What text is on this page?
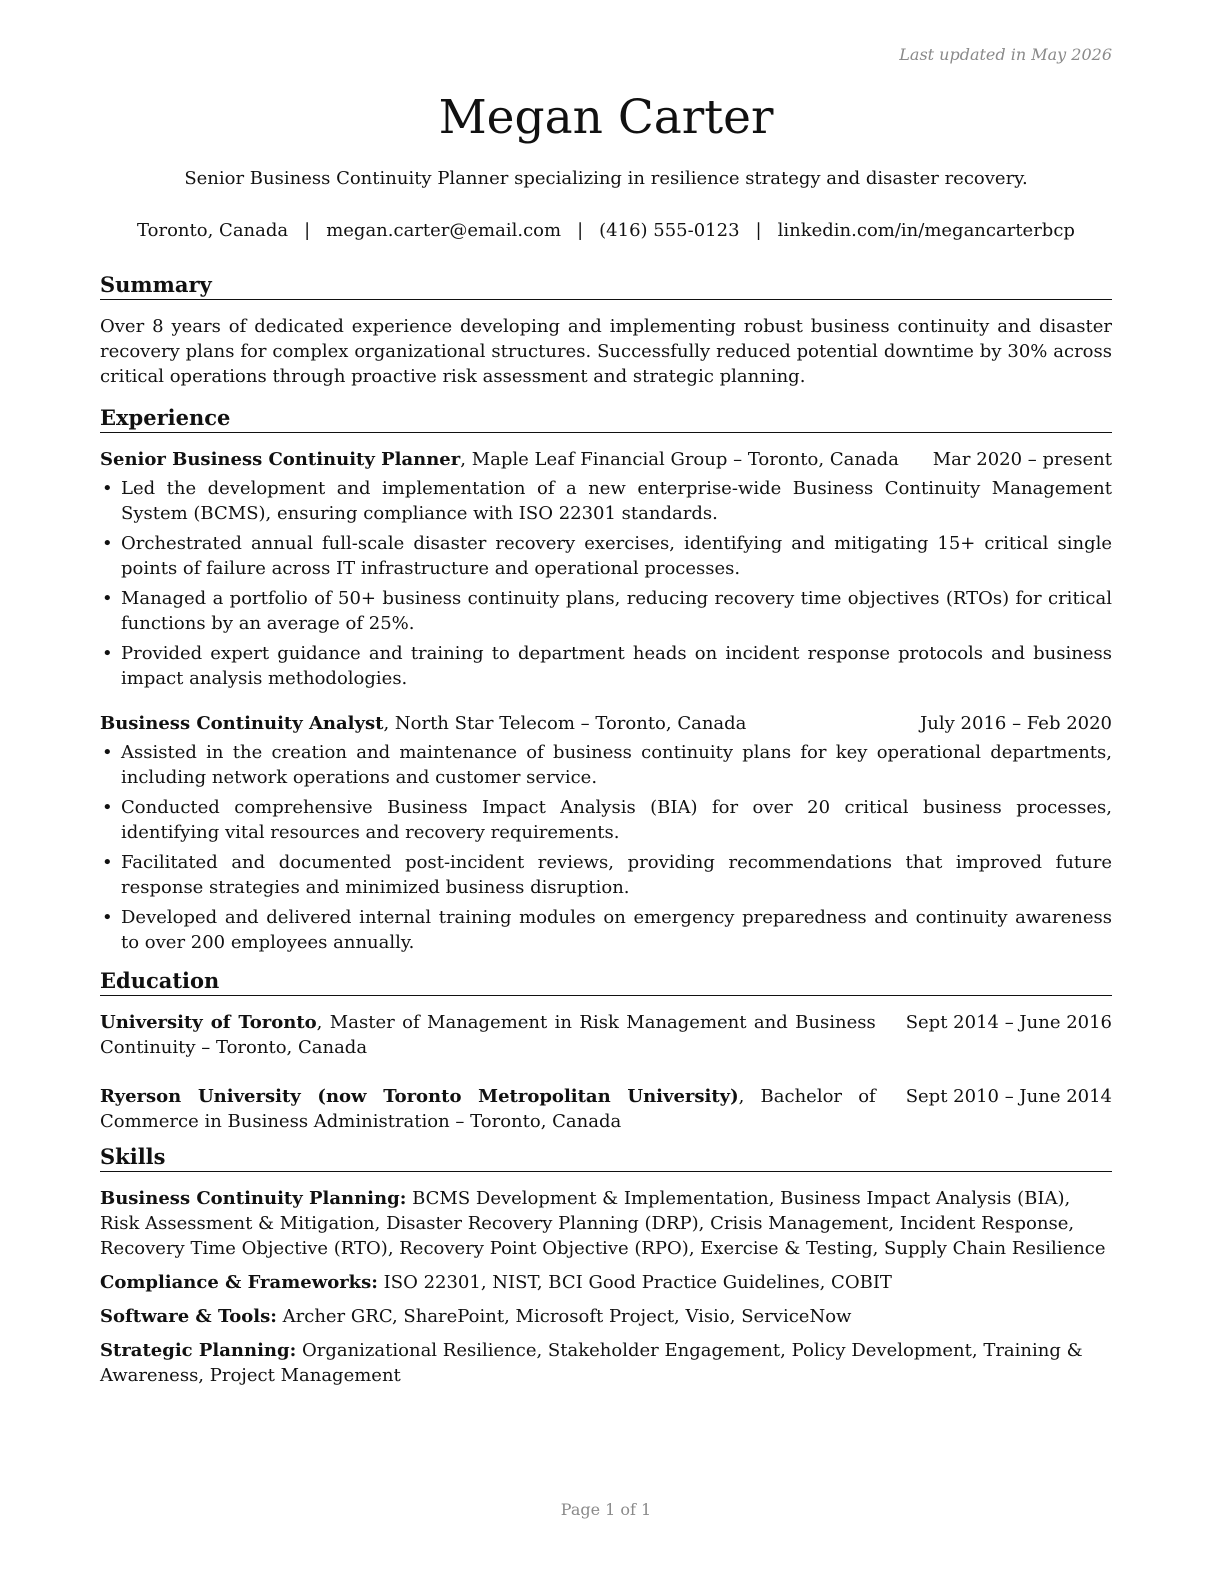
Last updated in May 2026
Megan Carter
Senior Business Continuity Planner specializing in resilience strategy and disaster recovery.
Toronto, Canada | megan.carter@email.com | (416) 555-0123 | linkedin.com/in/megancarterbcp
Summary

Over 8 years of dedicated experience developing and implementing robust business continuity and disaster recovery plans for complex organizational structures. Successfully reduced potential downtime by 30% across critical operations through proactive risk assessment and strategic planning.

Experience
Senior Business Continuity Planner, Maple Leaf Financial Group – Toronto, Canada	Mar 2020 – present
• Led the development and implementation of a new enterprise-wide Business Continuity Management System (BCMS), ensuring compliance with ISO 22301 standards.
• Orchestrated annual full-scale disaster recovery exercises, identifying and mitigating 15+ critical single points of failure across IT infrastructure and operational processes.
• Managed a portfolio of 50+ business continuity plans, reducing recovery time objectives (RTOs) for critical functions by an average of 25%.
• Provided expert guidance and training to department heads on incident response protocols and business impact analysis methodologies.
Business Continuity Analyst, North Star Telecom – Toronto, Canada	July 2016 – Feb 2020
• Assisted in the creation and maintenance of business continuity plans for key operational departments, including network operations and customer service.
• Conducted comprehensive Business Impact Analysis (BIA) for over 20 critical business processes, identifying vital resources and recovery requirements.
• Facilitated and documented post-incident reviews, providing recommendations that improved future response strategies and minimized business disruption.
• Developed and delivered internal training modules on emergency preparedness and continuity awareness to over 200 employees annually.
Education
University of Toronto, Master of Management in Risk Management and Business Continuity – Toronto, Canada
Sept 2014 – June 2016
Ryerson University (now Toronto Metropolitan University), Bachelor of Commerce in Business Administration – Toronto, Canada
Sept 2010 – June 2014
Skills
Business Continuity Planning: BCMS Development & Implementation, Business Impact Analysis (BIA), Risk Assessment & Mitigation, Disaster Recovery Planning (DRP), Crisis Management, Incident Response, Recovery Time Objective (RTO), Recovery Point Objective (RPO), Exercise & Testing, Supply Chain Resilience
Compliance & Frameworks: ISO 22301, NIST, BCI Good Practice Guidelines, COBIT
Software & Tools: Archer GRC, SharePoint, Microsoft Project, Visio, ServiceNow
Strategic Planning: Organizational Resilience, Stakeholder Engagement, Policy Development, Training & Awareness, Project Management
Page 1 of 1
